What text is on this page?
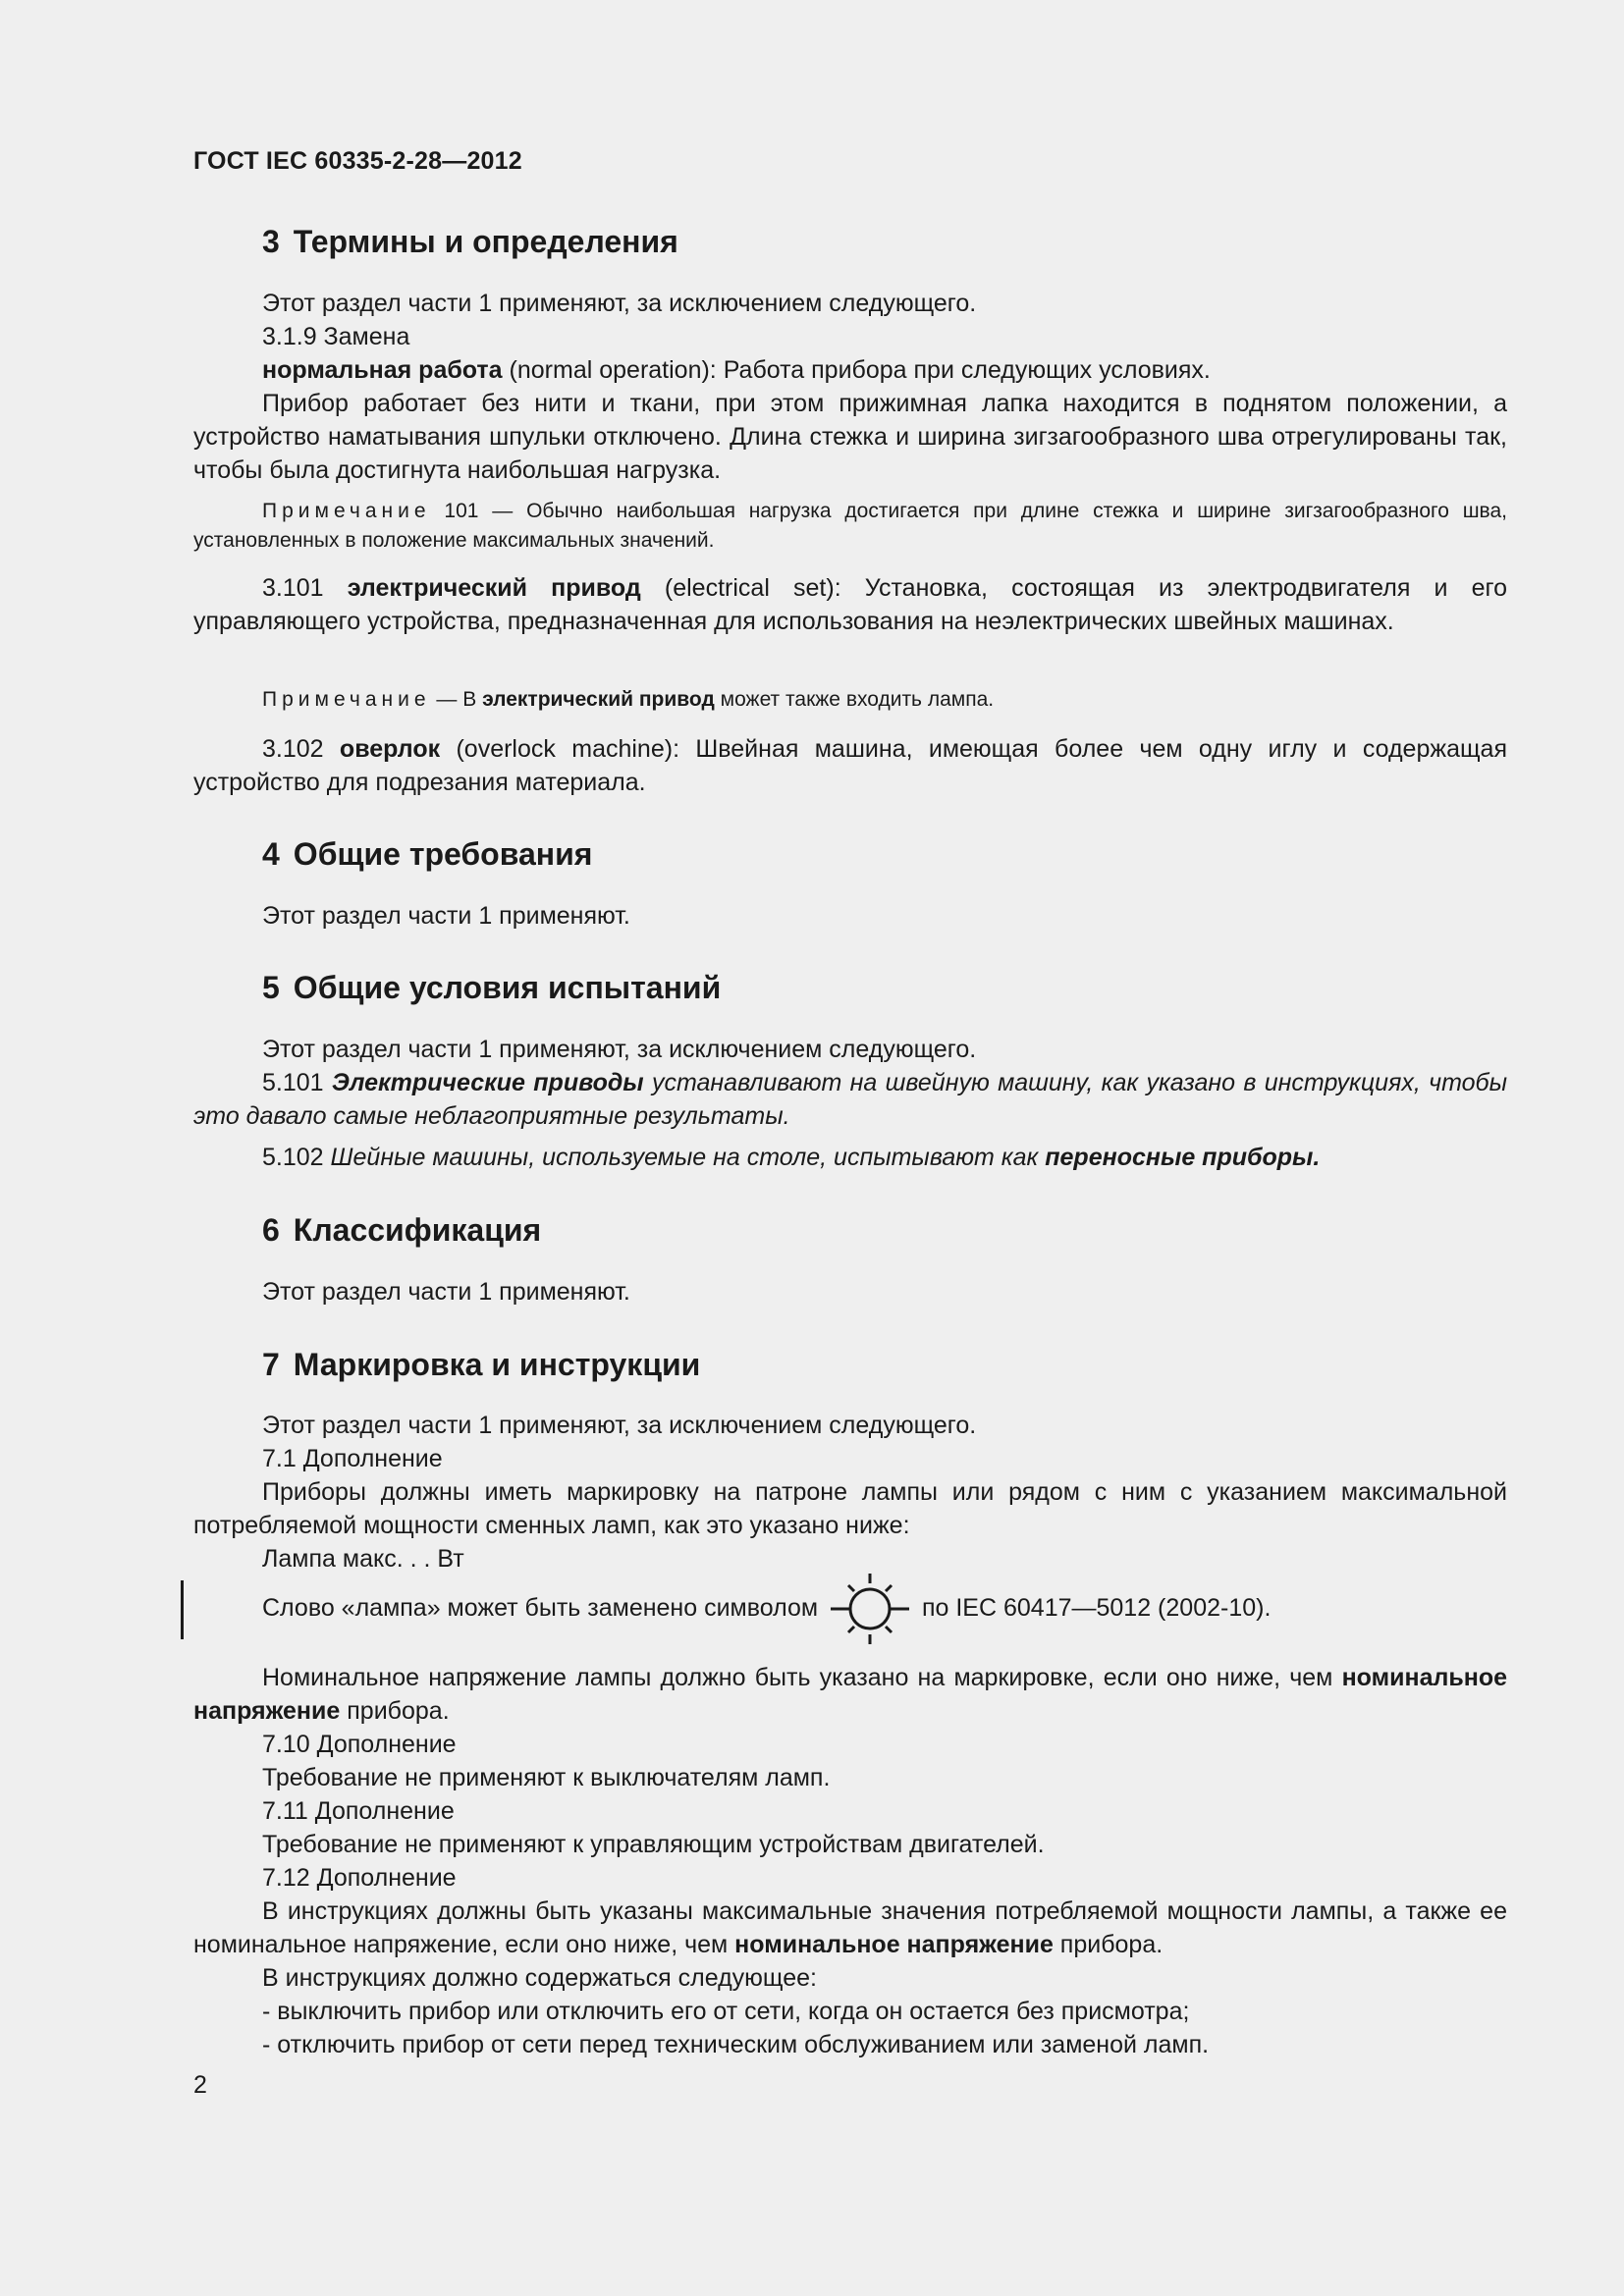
ГОСТ IEC 60335-2-28—2012
3 Термины и определения
Этот раздел части 1 применяют, за исключением следующего.
3.1.9 Замена
нормальная работа (normal operation): Работа прибора при следующих условиях.
Прибор работает без нити и ткани, при этом прижимная лапка находится в поднятом положении, а устройство наматывания шпульки отключено. Длина стежка и ширина зигзагообразного шва отрегулированы так, чтобы была достигнута наибольшая нагрузка.
Примечание 101 — Обычно наибольшая нагрузка достигается при длине стежка и ширине зигзагообразного шва, установленных в положение максимальных значений.
3.101 электрический привод (electrical set): Установка, состоящая из электродвигателя и его управляющего устройства, предназначенная для использования на неэлектрических швейных машинах.
Примечание — В электрический привод может также входить лампа.
3.102 оверлок (overlock machine): Швейная машина, имеющая более чем одну иглу и содержащая устройство для подрезания материала.
4 Общие требования
Этот раздел части 1 применяют.
5 Общие условия испытаний
Этот раздел части 1 применяют, за исключением следующего.
5.101 Электрические приводы устанавливают на швейную машину, как указано в инструкциях, чтобы это давало самые неблагоприятные результаты.
5.102 Шейные машины, используемые на столе, испытывают как переносные приборы.
6 Классификация
Этот раздел части 1 применяют.
7 Маркировка и инструкции
Этот раздел части 1 применяют, за исключением следующего.
7.1 Дополнение
Приборы должны иметь маркировку на патроне лампы или рядом с ним с указанием максимальной потребляемой мощности сменных ламп, как это указано ниже:
Лампа макс. . . Вт
Слово «лампа» может быть заменено символом	по IEC 60417—5012 (2002-10).
Номинальное напряжение лампы должно быть указано на маркировке, если оно ниже, чем номинальное напряжение прибора.
7.10 Дополнение
Требование не применяют к выключателям ламп.
7.11 Дополнение
Требование не применяют к управляющим устройствам двигателей.
7.12 Дополнение
В инструкциях должны быть указаны максимальные значения потребляемой мощности лампы, а также ее номинальное напряжение, если оно ниже, чем номинальное напряжение прибора.
В инструкциях должно содержаться следующее:
- выключить прибор или отключить его от сети, когда он остается без присмотра;
- отключить прибор от сети перед техническим обслуживанием или заменой ламп.
2
